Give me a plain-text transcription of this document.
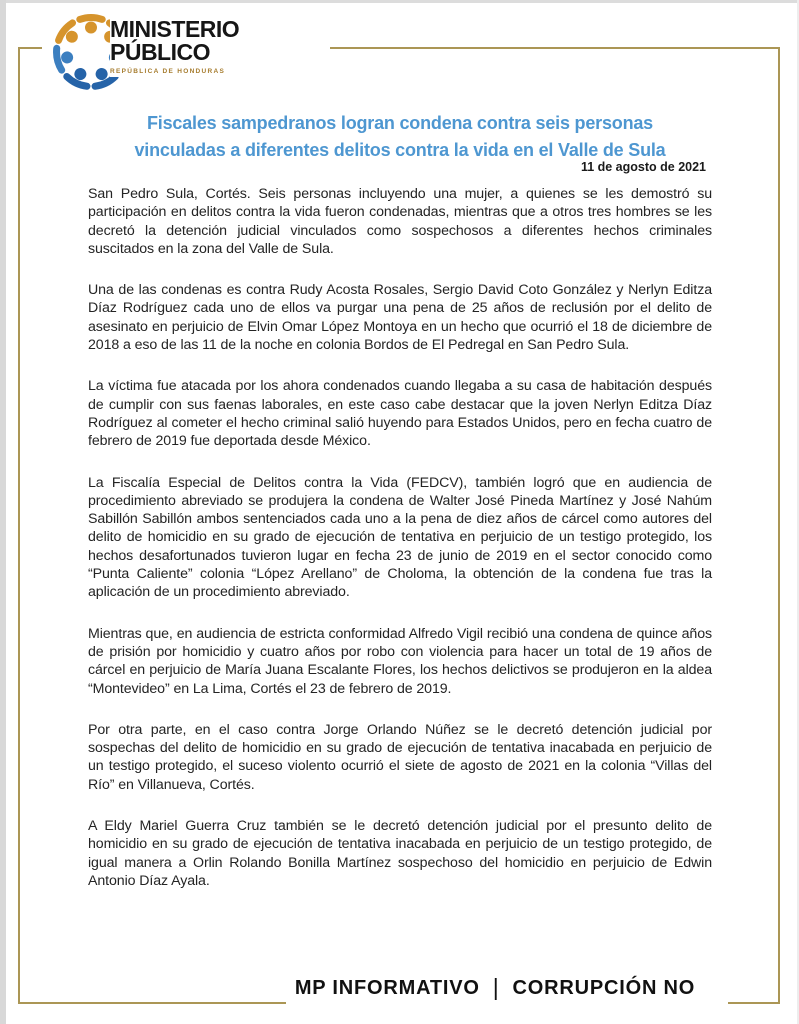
MINISTERIO
PÚBLICO
REPÚBLICA DE HONDURAS
Fiscales sampedranos logran condena contra seis personas
vinculadas a diferentes delitos contra la vida en el Valle de Sula
11 de agosto de 2021

San Pedro Sula, Cortés. Seis personas incluyendo una mujer, a quienes se les demostró su participación en delitos contra la vida fueron condenadas, mientras que a otros tres hombres se les decretó la detención judicial vinculados como sospechosos a diferentes hechos criminales suscitados en la zona del Valle de Sula.

Una de las condenas es contra Rudy Acosta Rosales, Sergio David Coto González y Nerlyn Editza Díaz Rodríguez cada uno de ellos va purgar una pena de 25 años de reclusión por el delito de asesinato en perjuicio de Elvin Omar López Montoya en un hecho que ocurrió el 18 de diciembre de 2018 a eso de las 11 de la noche en colonia Bordos de El Pedregal en San Pedro Sula.

La víctima fue atacada por los ahora condenados cuando llegaba a su casa de habitación después de cumplir con sus faenas laborales, en este caso cabe destacar que la joven Nerlyn Editza Díaz Rodríguez al cometer el hecho criminal salió huyendo para Estados Unidos, pero en fecha cuatro de febrero de 2019 fue deportada desde México.

La Fiscalía Especial de Delitos contra la Vida (FEDCV), también logró que en audiencia de procedimiento abreviado se produjera la condena de Walter José Pineda Martínez y José Nahúm Sabillón Sabillón ambos sentenciados cada uno a la pena de diez años de cárcel como autores del delito de homicidio en su grado de ejecución de tentativa en perjuicio de un testigo protegido, los hechos desafortunados tuvieron lugar en fecha 23 de junio de 2019 en el sector conocido como “Punta Caliente” colonia “López Arellano” de Choloma, la obtención de la condena fue tras la aplicación de un procedimiento abreviado.

Mientras que, en audiencia de estricta conformidad Alfredo Vigil recibió una condena de quince años de prisión por homicidio y cuatro años por robo con violencia para hacer un total de 19 años de cárcel en perjuicio de María Juana Escalante Flores, los hechos delictivos se produjeron en la aldea “Montevideo” en La Lima, Cortés el 23 de febrero de 2019.

Por otra parte, en el caso contra Jorge Orlando Núñez se le decretó detención judicial por sospechas del delito de homicidio en su grado de ejecución de tentativa inacabada en perjuicio de un testigo protegido, el suceso violento ocurrió el siete de agosto de 2021 en la colonia “Villas del Río” en Villanueva, Cortés.

A Eldy Mariel Guerra Cruz también se le decretó detención judicial por el presunto delito de homicidio en su grado de ejecución de tentativa inacabada en perjuicio de un testigo protegido, de igual manera a Orlin Rolando Bonilla Martínez sospechoso del homicidio en perjuicio de Edwin Antonio Díaz Ayala.

MP INFORMATIVO | CORRUPCIÓN NO
